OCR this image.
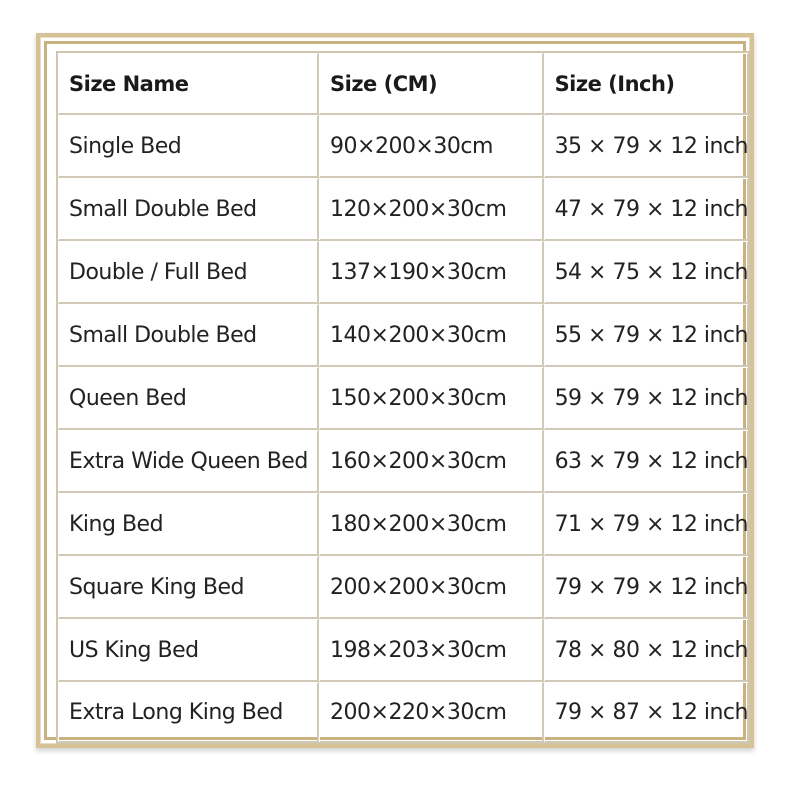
Size Name	Size (CM)	Size (Inch)
Single Bed	90×200×30cm	35 × 79 × 12 inch
Small Double Bed	120×200×30cm	47 × 79 × 12 inch
Double / Full Bed	137×190×30cm	54 × 75 × 12 inch
Small Double Bed	140×200×30cm	55 × 79 × 12 inch
Queen Bed	150×200×30cm	59 × 79 × 12 inch
Extra Wide Queen Bed	160×200×30cm	63 × 79 × 12 inch
King Bed	180×200×30cm	71 × 79 × 12 inch
Square King Bed	200×200×30cm	79 × 79 × 12 inch
US King Bed	198×203×30cm	78 × 80 × 12 inch
Extra Long King Bed	200×220×30cm	79 × 87 × 12 inch
